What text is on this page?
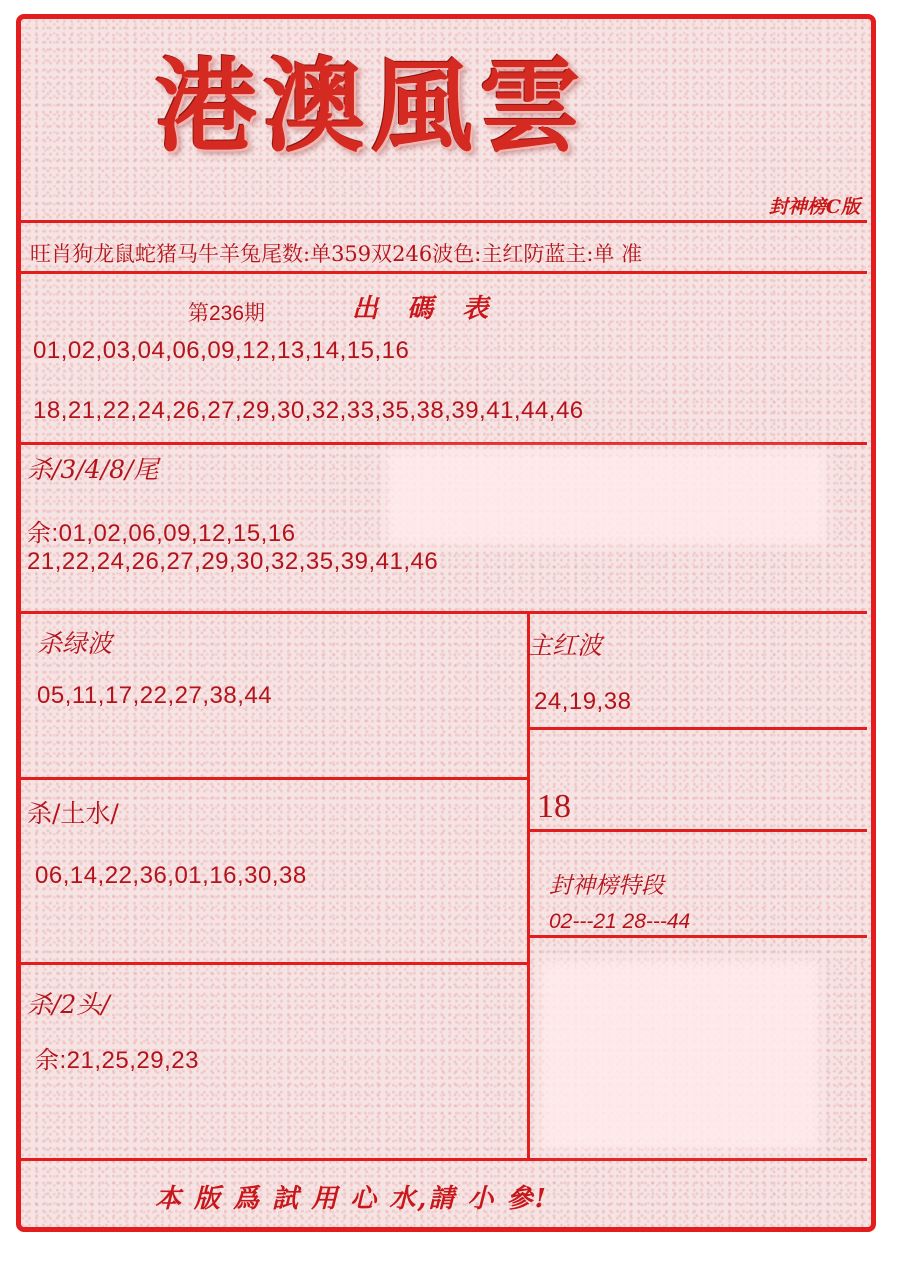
港澳風雲
封神榜C版
旺肖狗龙鼠蛇猪马牛羊兔尾数:单359双246波色:主红防蓝主:单 准
第236期	出 碼 表
01,02,03,04,06,09,12,13,14,15,16
18,21,22,24,26,27,29,30,32,33,35,38,39,41,44,46
杀/3/4/8/尾
余:01,02,06,09,12,15,16
21,22,24,26,27,29,30,32,35,39,41,46
杀绿波
05,11,17,22,27,38,44
主红波
24,19,38
18
杀/土水/
06,14,22,36,01,16,30,38	封神榜特段
02---21 28---44
杀/2头/
余:21,25,29,23
本 版 爲 試 用 心 水,請 小 參!
